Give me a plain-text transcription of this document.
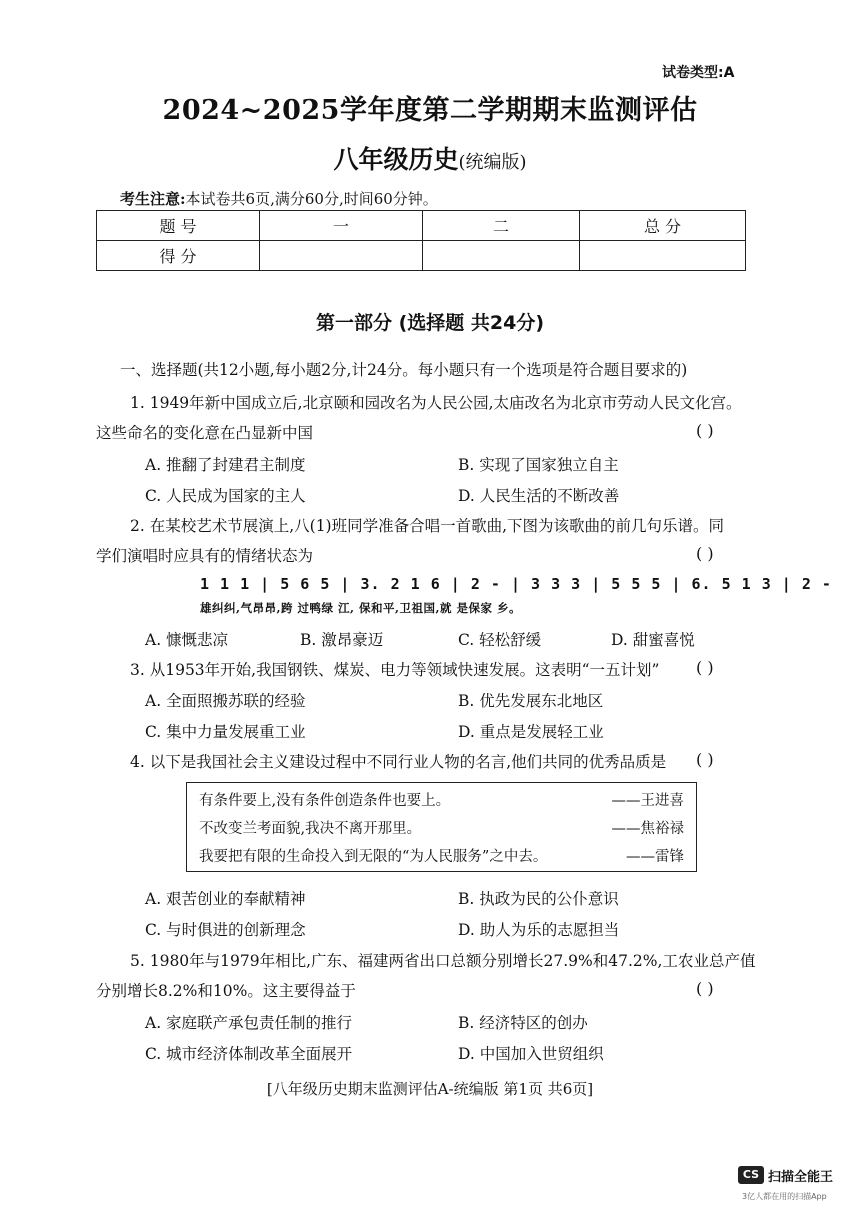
试卷类型:A
2024~2025学年度第二学期期末监测评估
八年级历史(统编版)
考生注意:本试卷共6页,满分60分,时间60分钟。
题 号	一	二	总 分
得 分			
第一部分 (选择题 共24分)
一、选择题(共12小题,每小题2分,计24分。每小题只有一个选项是符合题目要求的)
1. 1949年新中国成立后,北京颐和园改名为人民公园,太庙改名为北京市劳动人民文化宫。
这些命名的变化意在凸显新中国	( )
A. 推翻了封建君主制度	B. 实现了国家独立自主
C. 人民成为国家的主人	D. 人民生活的不断改善
2. 在某校艺术节展演上,八(1)班同学准备合唱一首歌曲,下图为该歌曲的前几句乐谱。同
学们演唱时应具有的情绪状态为	( )
1 1 1 | 5 6 5 | 3. 2 1 6 | 2 - | 3 3 3 | 5 5 5 | 6. 5 1 3 | 2 -
雄纠纠,气昂昂,跨 过鸭绿 江, 保和平,卫祖国,就 是保家 乡。
A. 慷慨悲凉	B. 激昂豪迈	C. 轻松舒缓	D. 甜蜜喜悦
3. 从1953年开始,我国钢铁、煤炭、电力等领域快速发展。这表明“一五计划” ( )
A. 全面照搬苏联的经验	B. 优先发展东北地区
C. 集中力量发展重工业	D. 重点是发展轻工业
4. 以下是我国社会主义建设过程中不同行业人物的名言,他们共同的优秀品质是 ( )
有条件要上,没有条件创造条件也要上。	——王进喜
不改变兰考面貌,我决不离开那里。	——焦裕禄
我要把有限的生命投入到无限的“为人民服务”之中去。	——雷锋
A. 艰苦创业的奉献精神	B. 执政为民的公仆意识
C. 与时俱进的创新理念	D. 助人为乐的志愿担当
5. 1980年与1979年相比,广东、福建两省出口总额分别增长27.9%和47.2%,工农业总产值
分别增长8.2%和10%。这主要得益于	( )
A. 家庭联产承包责任制的推行	B. 经济特区的创办
C. 城市经济体制改革全面展开	D. 中国加入世贸组织
[八年级历史期末监测评估A-统编版 第1页 共6页]
CS 扫描全能王
3亿人都在用的扫描App
